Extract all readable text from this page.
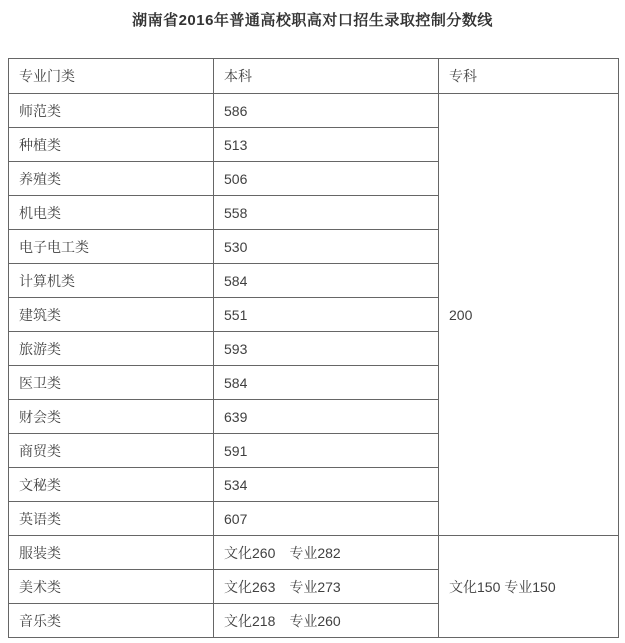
湖南省2016年普通高校职高对口招生录取控制分数线
专业门类	本科	专科
师范类	586	200
种植类	513	
养殖类	506	
机电类	558	
电子电工类	530	
计算机类	584	
建筑类	551	
旅游类	593	
医卫类	584	
财会类	639	
商贸类	591	
文秘类	534	
英语类	607	
服装类	文化260　专业282	文化150 专业150
美术类	文化263　专业273	
音乐类	文化218　专业260	
